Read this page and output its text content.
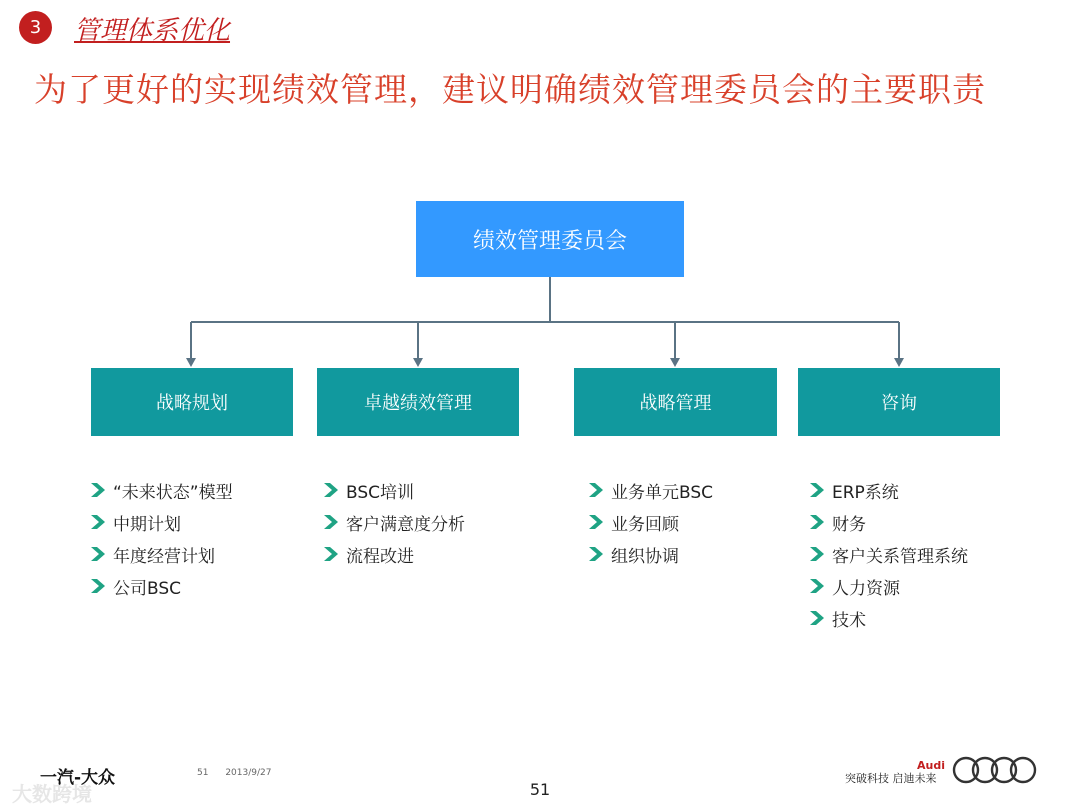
3	管理体系优化
为了更好的实现绩效管理，建议明确绩效管理委员会的主要职责
绩效管理委员会
战略规划	卓越绩效管理	战略管理	咨询
“未来状态”模型
中期计划
年度经营计划
公司BSC
BSC培训
客户满意度分析
流程改进
业务单元BSC
业务回顾
组织协调
ERP系统
财务
客户关系管理系统
人力资源
技术
大数跨境
一汽-大众	51 2013/9/27
51
Audi
突破科技 启迪未来
